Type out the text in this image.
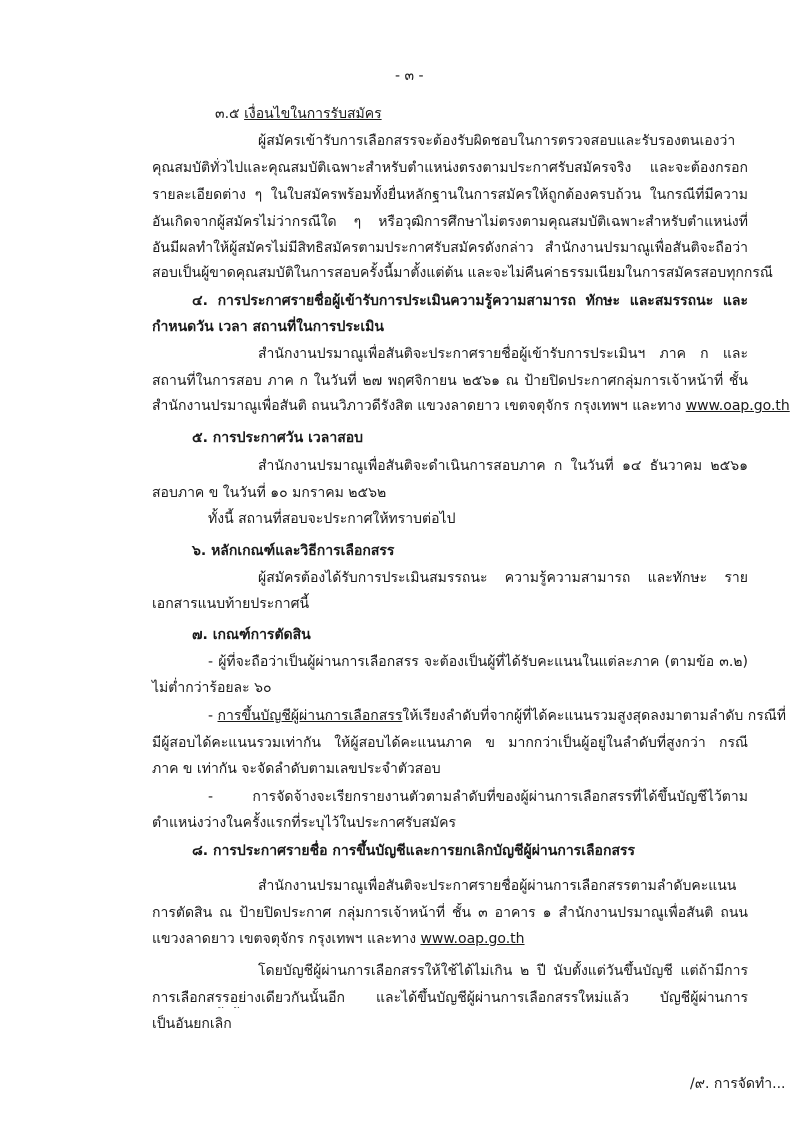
- ๓ -
๓.๕ เงื่อนไขในการรับสมัคร
ผู้สมัครเข้ารับการเลือกสรรจะต้องรับผิดชอบในการตรวจสอบและรับรองตนเองว่า
คุณสมบัติทั่วไปและคุณสมบัติเฉพาะสำหรับตำแหน่งตรงตามประกาศรับสมัครจริง และจะต้องกรอก
รายละเอียดต่าง ๆ ในใบสมัครพร้อมทั้งยื่นหลักฐานในการสมัครให้ถูกต้องครบถ้วน ในกรณีที่มีความ
อันเกิดจากผู้สมัครไม่ว่ากรณีใด ๆ หรือวุฒิการศึกษาไม่ตรงตามคุณสมบัติเฉพาะสำหรับตำแหน่งที่
อันมีผลทำให้ผู้สมัครไม่มีสิทธิสมัครตามประกาศรับสมัครดังกล่าว สำนักงานปรมาณูเพื่อสันติจะถือว่า
สอบเป็นผู้ขาดคุณสมบัติในการสอบครั้งนี้มาตั้งแต่ต้น และจะไม่คืนค่าธรรมเนียมในการสมัครสอบทุกกรณี
๔. การประกาศรายชื่อผู้เข้ารับการประเมินความรู้ความสามารถ ทักษะ และสมรรถนะ และ
กำหนดวัน เวลา สถานที่ในการประเมิน
สำนักงานปรมาณูเพื่อสันติจะประกาศรายชื่อผู้เข้ารับการประเมินฯ ภาค ก และ
สถานที่ในการสอบ ภาค ก ในวันที่ ๒๗ พฤศจิกายน ๒๕๖๑ ณ ป้ายปิดประกาศกลุ่มการเจ้าหน้าที่ ชั้น
สำนักงานปรมาณูเพื่อสันติ ถนนวิภาวดีรังสิต แขวงลาดยาว เขตจตุจักร กรุงเทพฯ และทาง www.oap.go.th
๕. การประกาศวัน เวลาสอบ
สำนักงานปรมาณูเพื่อสันติจะดำเนินการสอบภาค ก ในวันที่ ๑๔ ธันวาคม ๒๕๖๑
สอบภาค ข ในวันที่ ๑๐ มกราคม ๒๕๖๒
ทั้งนี้ สถานที่สอบจะประกาศให้ทราบต่อไป
๖. หลักเกณฑ์และวิธีการเลือกสรร
ผู้สมัครต้องได้รับการประเมินสมรรถนะ ความรู้ความสามารถ และทักษะ ราย
เอกสารแนบท้ายประกาศนี้
๗. เกณฑ์การตัดสิน
- ผู้ที่จะถือว่าเป็นผู้ผ่านการเลือกสรร จะต้องเป็นผู้ที่ได้รับคะแนนในแต่ละภาค (ตามข้อ ๓.๒)
ไม่ต่ำกว่าร้อยละ ๖๐
- การขึ้นบัญชีผู้ผ่านการเลือกสรร ให้เรียงลำดับที่จากผู้ที่ได้คะแนนรวมสูงสุดลงมาตามลำดับ กรณีที่
มีผู้สอบได้คะแนนรวมเท่ากัน ให้ผู้สอบได้คะแนนภาค ข มากกว่าเป็นผู้อยู่ในลำดับที่สูงกว่า กรณี
ภาค ข เท่ากัน จะจัดลำดับตามเลขประจำตัวสอบ
- การจัดจ้างจะเรียกรายงานตัวตามลำดับที่ของผู้ผ่านการเลือกสรรที่ได้ขึ้นบัญชีไว้ตาม
ตำแหน่งว่างในครั้งแรกที่ระบุไว้ในประกาศรับสมัคร
๘. การประกาศรายชื่อ การขึ้นบัญชีและการยกเลิกบัญชีผู้ผ่านการเลือกสรร
สำนักงานปรมาณูเพื่อสันติจะประกาศรายชื่อผู้ผ่านการเลือกสรรตามลำดับคะแนน
การตัดสิน ณ ป้ายปิดประกาศ กลุ่มการเจ้าหน้าที่ ชั้น ๓ อาคาร ๑ สำนักงานปรมาณูเพื่อสันติ ถนน
แขวงลาดยาว เขตจตุจักร กรุงเทพฯ และทาง www.oap.go.th
โดยบัญชีผู้ผ่านการเลือกสรรให้ใช้ได้ไม่เกิน ๒ ปี นับตั้งแต่วันขึ้นบัญชี แต่ถ้ามีการ
การเลือกสรรอย่างเดียวกันนั้นอีก และได้ขึ้นบัญชีผู้ผ่านการเลือกสรรใหม่แล้ว บัญชีผู้ผ่านการ
เป็นอันยกเลิก
/๙. การจัดทำ...
